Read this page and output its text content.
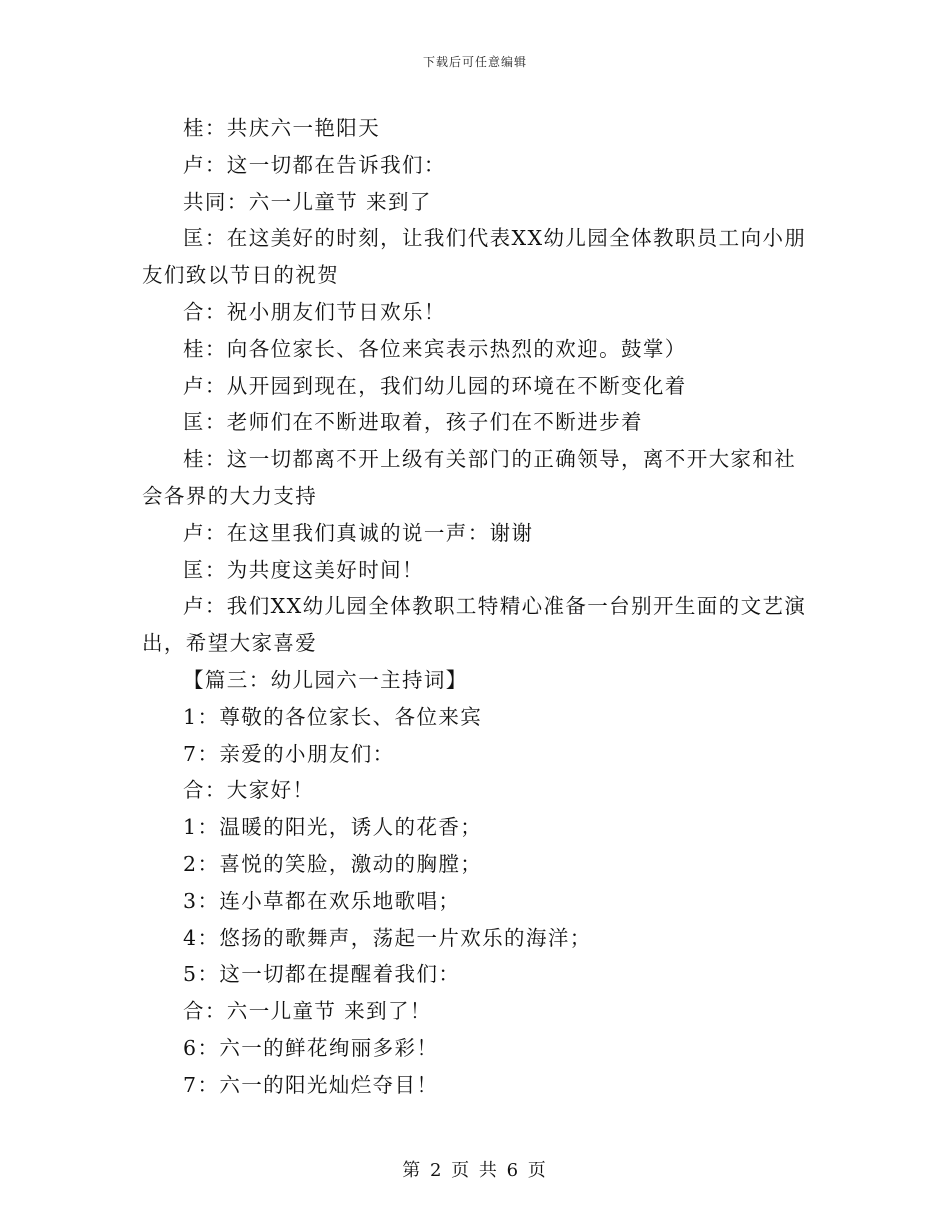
下载后可任意编辑

桂：共庆六一艳阳天

卢：这一切都在告诉我们：

共同：六一儿童节 来到了

匡：在这美好的时刻，让我们代表XX幼儿园全体教职员工向小朋友们致以节日的祝贺

合：祝小朋友们节日欢乐！

桂：向各位家长、各位来宾表示热烈的欢迎。鼓掌）

卢：从开园到现在，我们幼儿园的环境在不断变化着

匡：老师们在不断进取着，孩子们在不断进步着

桂：这一切都离不开上级有关部门的正确领导，离不开大家和社会各界的大力支持

卢：在这里我们真诚的说一声：谢谢

匡：为共度这美好时间！

卢：我们XX幼儿园全体教职工特精心准备一台别开生面的文艺演出，希望大家喜爱

【篇三：幼儿园六一主持词】

1：尊敬的各位家长、各位来宾

7：亲爱的小朋友们：

合：大家好！

1：温暖的阳光，诱人的花香；

2：喜悦的笑脸，激动的胸膛；

3：连小草都在欢乐地歌唱；

4：悠扬的歌舞声，荡起一片欢乐的海洋；

5：这一切都在提醒着我们：

合：六一儿童节 来到了！

6：六一的鲜花绚丽多彩！

7：六一的阳光灿烂夺目！

第 2 页 共 6 页
